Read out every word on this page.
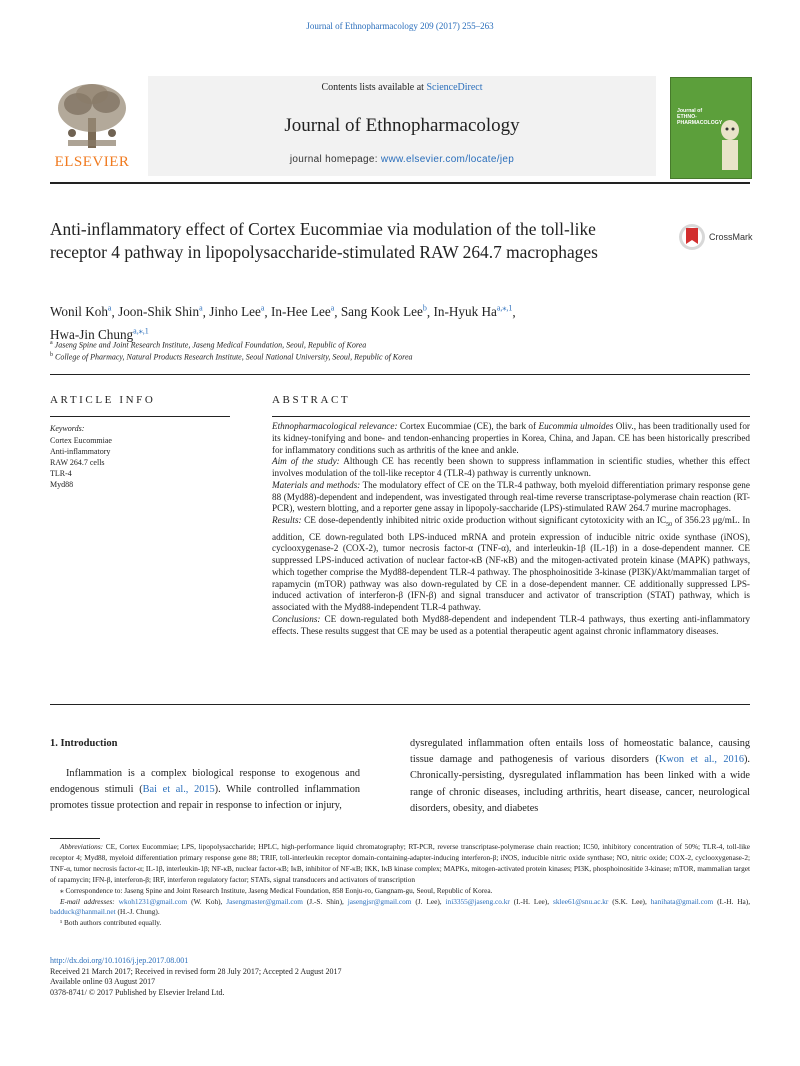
Journal of Ethnopharmacology 209 (2017) 255–263
ELSEVIER
Contents lists available at ScienceDirect
Journal of Ethnopharmacology
journal homepage: www.elsevier.com/locate/jep
Journal of ETHNO- PHARMACOLOGY
Anti-inflammatory effect of Cortex Eucommiae via modulation of the toll-like receptor 4 pathway in lipopolysaccharide-stimulated RAW 264.7 macrophages
CrossMark
Wonil Koh$^a$, Joon-Shik Shin$^a$, Jinho Lee$^a$, In-Hee Lee$^a$, Sang Kook Lee$^b$, In-Hyuk $Ha^{a,⁎,1}$,
Hwa-Jin Chung$^{a,⁎,1}$
$^a$ Jaseng Spine and Joint Research Institute, Jaseng Medical Foundation, Seoul, Republic of Korea
$^b$ College of Pharmacy, Natural Products Research Institute, Seoul National University, Seoul, Republic of Korea
ARTICLE INFO
Keywords:
Cortex Eucommiae
Anti-inflammatory
RAW 264.7 cells
TLR-4
Myd88
ABSTRACT

Ethnopharmacological relevance: Cortex Eucommiae (CE), the bark of Eucommia ulmoides Oliv., has been traditionally used for its kidney-tonifying and bone- and tendon-enhancing properties in Korea, China, and Japan. CE has been historically prescribed for inflammatory conditions such as arthritis of the knee and ankle.

Aim of the study: Although CE has recently been shown to suppress inflammation in scientific studies, whether this effect involves modulation of the toll-like receptor 4 (TLR-4) pathway is currently unknown.

Materials and methods: The modulatory effect of CE on the TLR-4 pathway, both myeloid differentiation primary response gene 88 (Myd88)-dependent and independent, was investigated through real-time reverse transcriptase-polymerase chain reaction (RT-PCR), western blotting, and a reporter gene assay in lipopoly-saccharide (LPS)-stimulated RAW 264.7 murine macrophages.

Results: CE dose-dependently inhibited nitric oxide production without significant cytotoxicity with an $IC_{50}$ of 356.23 μg/mL. In addition, CE down-regulated both LPS-induced mRNA and protein expression of inducible nitric oxide synthase (iNOS), cyclooxygenase-2 (COX-2), tumor necrosis factor-α (TNF-α), and interleukin-1β (IL-1β) in a dose-dependent manner. CE suppressed LPS-induced activation of nuclear factor-κB (NF-κB) and the mitogen-activated protein kinase (MAPK) pathways, which together comprise the Myd88-dependent TLR-4 pathway. The phosphoinositide 3-kinase (PI3K)/Akt/mammalian target of rapamycin (mTOR) pathway was also down-regulated by CE in a dose-dependent manner. CE additionally suppressed LPS-induced activation of interferon-β (IFN-β) and signal transducer and activator of transcription (STAT) pathway, which is associated with the Myd88-independent TLR-4 pathway.

Conclusions: CE down-regulated both Myd88-dependent and independent TLR-4 pathways, thus exerting anti-inflammatory effects. These results suggest that CE may be used as a potential therapeutic agent against chronic inflammatory diseases.

1. Introduction

Inflammation is a complex biological response to exogenous and endogenous stimuli (Bai et al., 2015). While controlled inflammation promotes tissue protection and repair in response to infection or injury,

dysregulated inflammation often entails loss of homeostatic balance, causing tissue damage and pathogenesis of various disorders (Kwon et al., 2016). Chronically-persisting, dysregulated inflammation has been linked with a wide range of chronic diseases, including arthritis, heart disease, cancer, neurological disorders, obesity, and diabetes

Abbreviations: CE, Cortex Eucommiae; LPS, lipopolysaccharide; HPLC, high-performance liquid chromatography; RT-PCR, reverse transcriptase-polymerase chain reaction; IC50, inhibitory concentration of 50%; TLR-4, toll-like receptor 4; Myd88, myeloid differentiation primary response gene 88; TRIF, toll-interleukin receptor domain-containing-adapter-inducing interferon-β; iNOS, inducible nitric oxide synthase; NO, nitric oxide; COX-2, cyclooxygenase-2; TNF-α, tumor necrosis factor-α; IL-1β, interleukin-1β; NF-κB, nuclear factor-κB; IκB, inhibitor of NF-κB; IKK, IκB kinase complex; MAPKs, mitogen-activated protein kinases; PI3K, phosphoinositide 3-kinase; mTOR, mammalian target of rapamycin; IFN-β, interferon-β; IRF, interferon regulatory factor; STATs, signal transducers and activators of transcription

⁎ Correspondence to: Jaseng Spine and Joint Research Institute, Jaseng Medical Foundation, 858 Eonju-ro, Gangnam-gu, Seoul, Republic of Korea.

E-mail addresses: wkoh1231@gmail.com (W. Koh), Jasengmaster@gmail.com (J.-S. Shin), jasengjsr@gmail.com (J. Lee), ini3355@jaseng.co.kr (I.-H. Lee), sklee61@snu.ac.kr (S.K. Lee), hanihata@gmail.com (I.-H. Ha), badduck@hanmail.net (H.-J. Chung).

¹ Both authors contributed equally.

http://dx.doi.org/10.1016/j.jep.2017.08.001

Received 21 March 2017; Received in revised form 28 July 2017; Accepted 2 August 2017

Available online 03 August 2017

0378-8741/ © 2017 Published by Elsevier Ireland Ltd.
